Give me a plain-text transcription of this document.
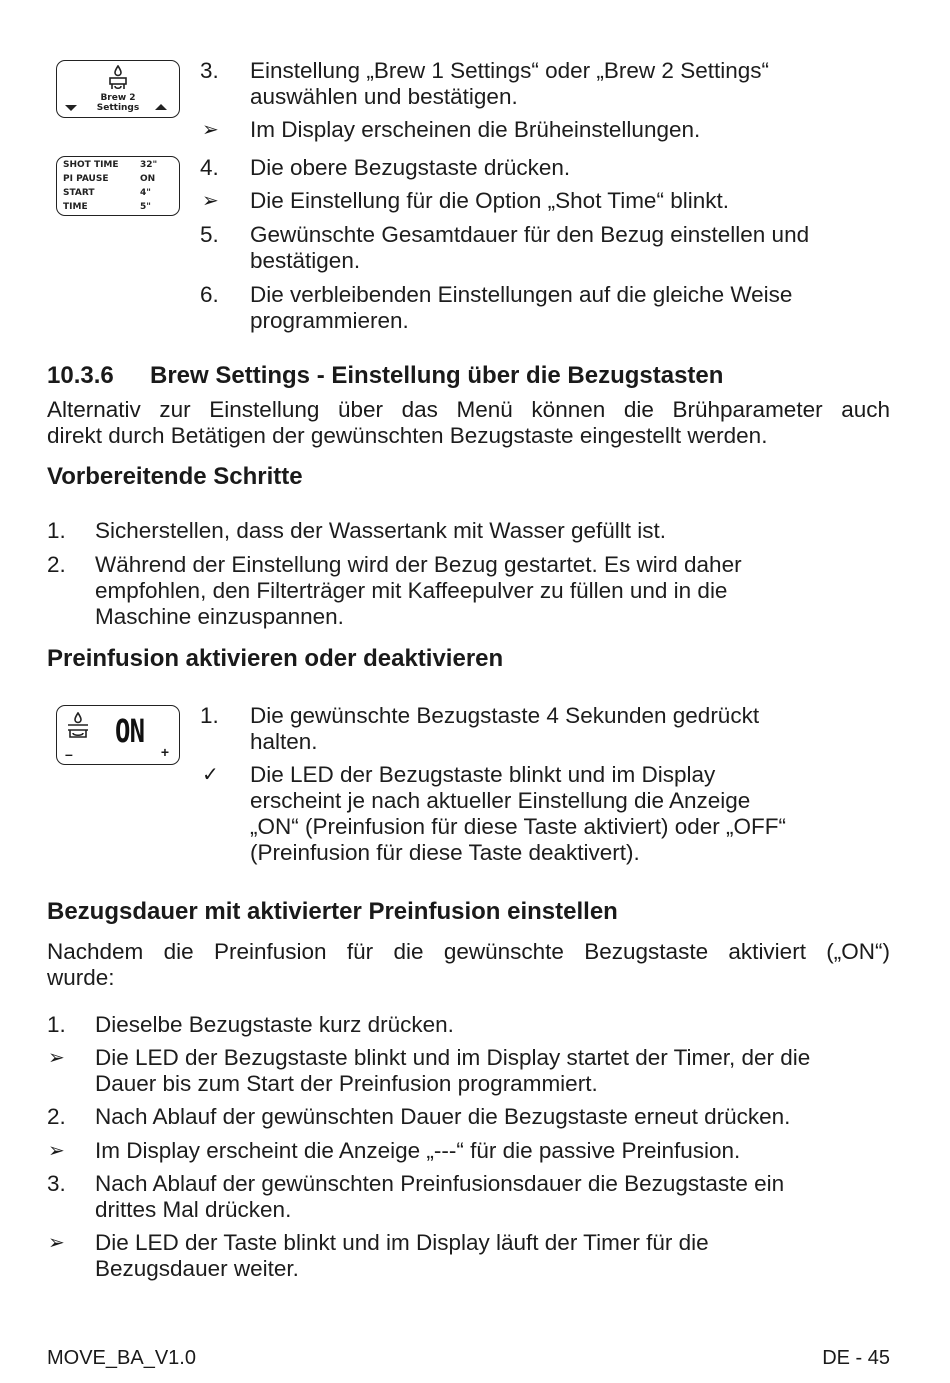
Brew 2
Settings
SHOT TIME 32"
PI PAUSE	ON
START	4"
TIME	5"
3. Einstellung „Brew 1 Settings“ oder „Brew 2 Settings“
auswählen und bestätigen.
➢ Im Display erscheinen die Brüheinstellungen.
4. Die obere Bezugstaste drücken.
➢ Die Einstellung für die Option „Shot Time“ blinkt.
5. Gewünschte Gesamtdauer für den Bezug einstellen und
bestätigen.
6. Die verbleibenden Einstellungen auf die gleiche Weise
programmieren.
10.3.6 Brew Settings - Einstellung über die Bezugstasten
Alternativ zur Einstellung über das Menü können die Brühparameter auch
direkt durch Betätigen der gewünschten Bezugstaste eingestellt werden.
Vorbereitende Schritte
1. Sicherstellen, dass der Wassertank mit Wasser gefüllt ist.
2. Während der Einstellung wird der Bezug gestartet. Es wird daher
empfohlen, den Filterträger mit Kaffeepulver zu füllen und in die
Maschine einzuspannen.
Preinfusion aktivieren oder deaktivieren
ON
–	+
1. Die gewünschte Bezugstaste 4 Sekunden gedrückt
halten.
✓ Die LED der Bezugstaste blinkt und im Display
erscheint je nach aktueller Einstellung die Anzeige
„ON“ (Preinfusion für diese Taste aktiviert) oder „OFF“
(Preinfusion für diese Taste deaktivert).
Bezugsdauer mit aktivierter Preinfusion einstellen
Nachdem die Preinfusion für die gewünschte Bezugstaste aktiviert („ON“)
wurde:
1. Dieselbe Bezugstaste kurz drücken.
➢ Die LED der Bezugstaste blinkt und im Display startet der Timer, der die
Dauer bis zum Start der Preinfusion programmiert.
2. Nach Ablauf der gewünschten Dauer die Bezugstaste erneut drücken.
➢ Im Display erscheint die Anzeige „---“ für die passive Preinfusion.
3. Nach Ablauf der gewünschten Preinfusionsdauer die Bezugstaste ein
drittes Mal drücken.
➢ Die LED der Taste blinkt und im Display läuft der Timer für die
Bezugsdauer weiter.
MOVE_BA_V1.0	DE - 45
